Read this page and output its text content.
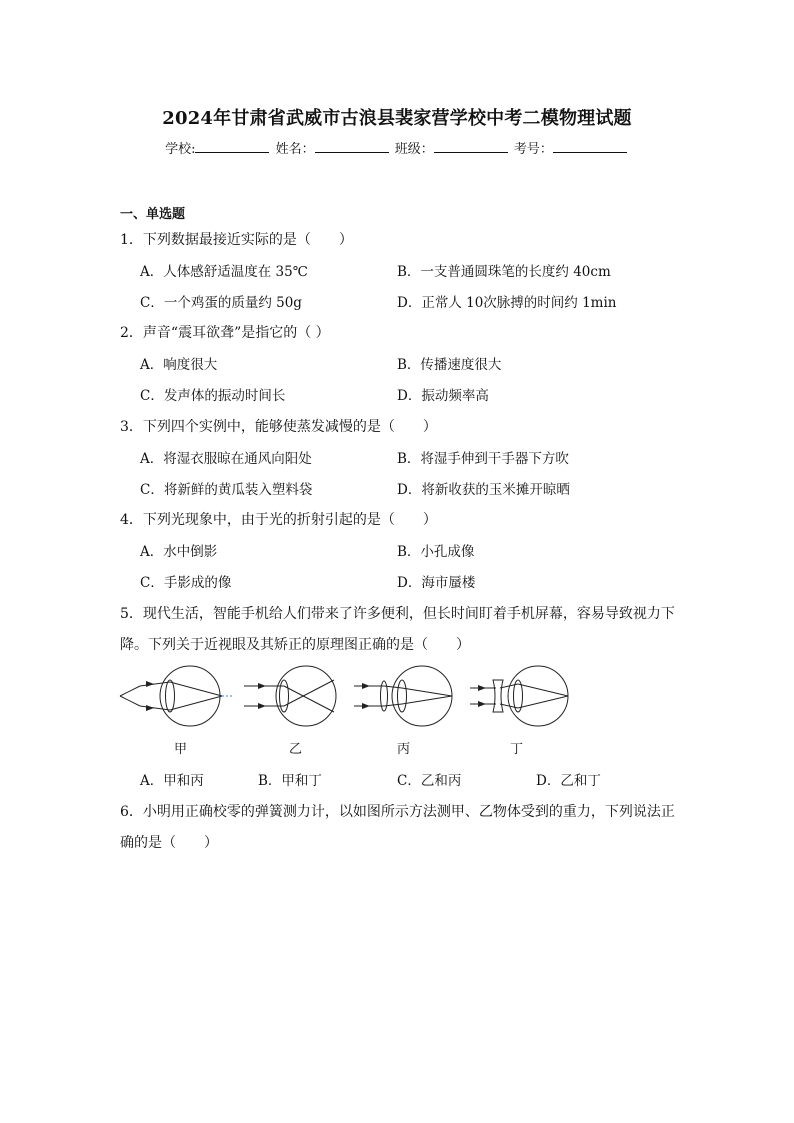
2024年甘肃省武威市古浪县裴家营学校中考二模物理试题
学校:	姓名：	班级：	考号：
一、单选题
1．下列数据最接近实际的是（　　）
A．人体感舒适温度在 35℃	B．一支普通圆珠笔的长度约 40cm
C．一个鸡蛋的质量约 50g	D．正常人 10次脉搏的时间约 1min
2．声音“震耳欲聋”是指它的（ ）
A．响度很大	B．传播速度很大
C．发声体的振动时间长	D．振动频率高
3．下列四个实例中，能够使蒸发减慢的是（　　）
A．将湿衣服晾在通风向阳处	B．将湿手伸到干手器下方吹
C．将新鲜的黄瓜装入塑料袋	D．将新收获的玉米摊开晾晒
4．下列光现象中，由于光的折射引起的是（　　）
A．水中倒影	B．小孔成像
C．手影成的像	D．海市蜃楼
5．现代生活，智能手机给人们带来了许多便利，但长时间盯着手机屏幕，容易导致视力下
降。下列关于近视眼及其矫正的原理图正确的是（　　）
甲	乙	丙	丁
A．甲和丙	B．甲和丁	C．乙和丙	D．乙和丁
6．小明用正确校零的弹簧测力计，以如图所示方法测甲、乙物体受到的重力，下列说法正
确的是（　　）
